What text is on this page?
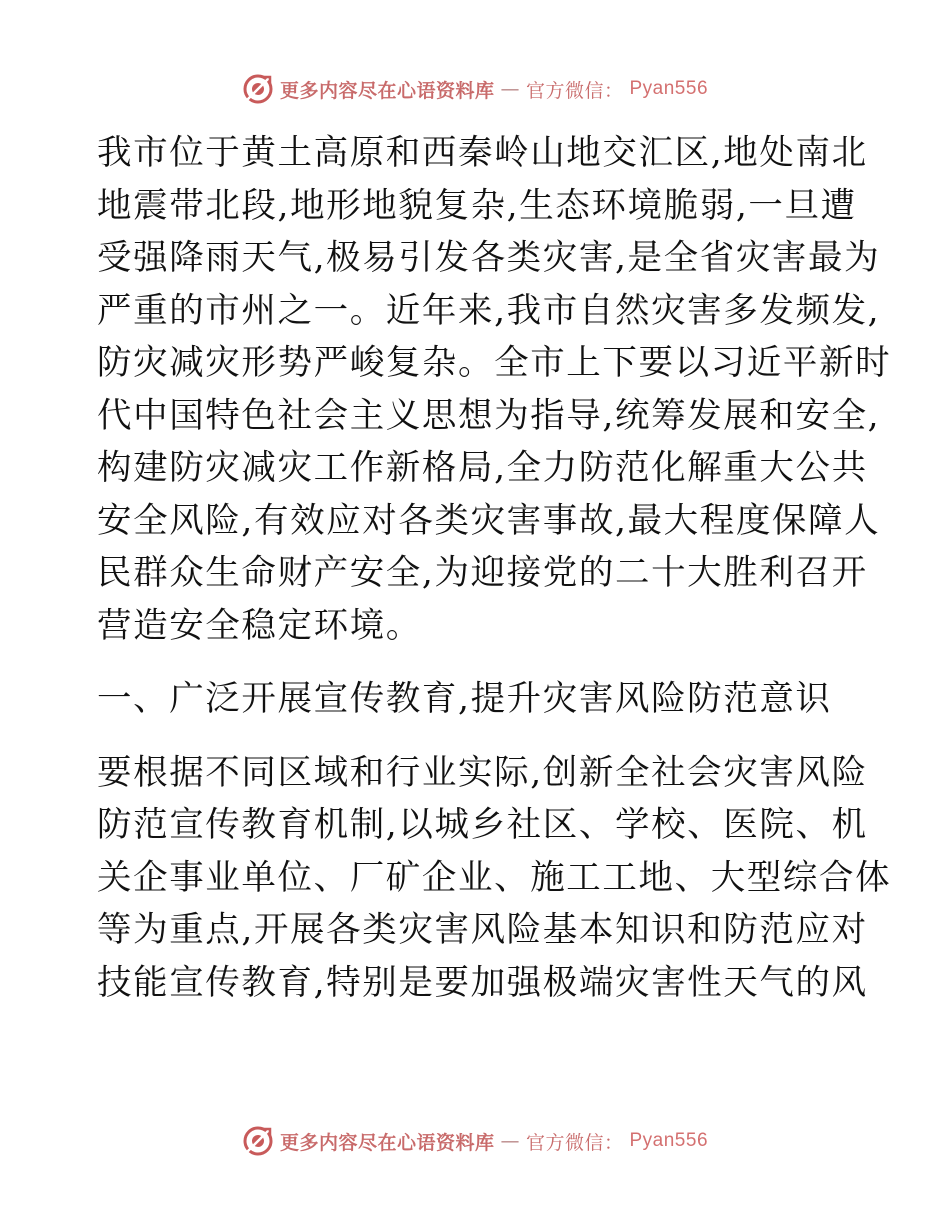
更多内容尽在心语资料库 — 官方微信： Pyan556

我市位于黄土高原和西秦岭山地交汇区,地处南北
地震带北段,地形地貌复杂,生态环境脆弱,一旦遭
受强降雨天气,极易引发各类灾害,是全省灾害最为
严重的市州之一。近年来,我市自然灾害多发频发,
防灾减灾形势严峻复杂。全市上下要以习近平新时
代中国特色社会主义思想为指导,统筹发展和安全,
构建防灾减灾工作新格局,全力防范化解重大公共
安全风险,有效应对各类灾害事故,最大程度保障人
民群众生命财产安全,为迎接党的二十大胜利召开
营造安全稳定环境。

一、广泛开展宣传教育,提升灾害风险防范意识

要根据不同区域和行业实际,创新全社会灾害风险
防范宣传教育机制,以城乡社区、学校、医院、机
关企事业单位、厂矿企业、施工工地、大型综合体
等为重点,开展各类灾害风险基本知识和防范应对
技能宣传教育,特别是要加强极端灾害性天气的风

更多内容尽在心语资料库 — 官方微信： Pyan556
